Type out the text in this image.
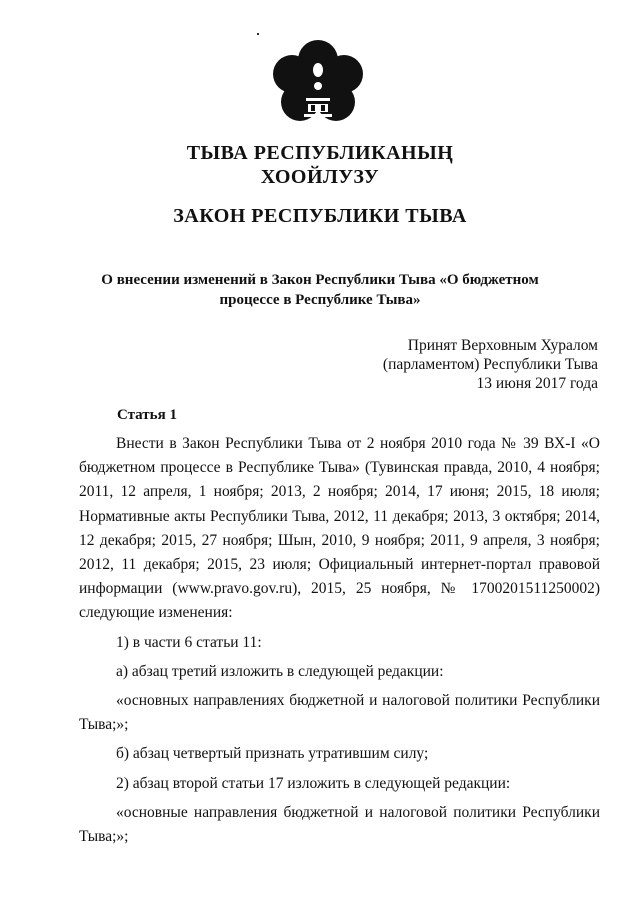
ТЫВА РЕСПУБЛИКАНЫҢ
ХООЙЛУЗУ
ЗАКОН РЕСПУБЛИКИ ТЫВА
О внесении изменений в Закон Республики Тыва «О бюджетном процессе в Республике Тыва»
Принят Верховным Хуралом
(парламентом) Республики Тыва
13 июня 2017 года
Статья 1

Внести в Закон Республики Тыва от 2 ноября 2010 года № 39 ВХ-I «О бюджетном процессе в Республике Тыва» (Тувинская правда, 2010, 4 ноября; 2011, 12 апреля, 1 ноября; 2013, 2 ноября; 2014, 17 июня; 2015, 18 июля; Нормативные акты Республики Тыва, 2012, 11 декабря; 2013, 3 октября; 2014, 12 декабря; 2015, 27 ноября; Шын, 2010, 9 ноября; 2011, 9 апреля, 3 ноября; 2012, 11 декабря; 2015, 23 июля; Официальный интернет-портал правовой информации (www.pravo.gov.ru), 2015, 25 ноября, № 1700201511250002) следующие изменения:

1) в части 6 статьи 11:

а) абзац третий изложить в следующей редакции:

«основных направлениях бюджетной и налоговой политики Республики Тыва;»;

б) абзац четвертый признать утратившим силу;

2) абзац второй статьи 17 изложить в следующей редакции:

«основные направления бюджетной и налоговой политики Республики Тыва;»;
